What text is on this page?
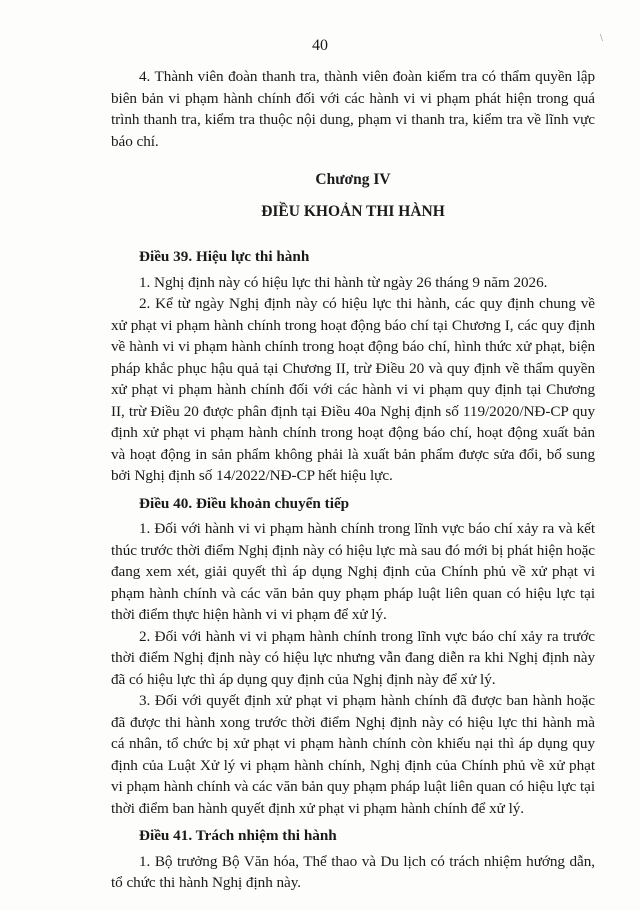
\
40

4. Thành viên đoàn thanh tra, thành viên đoàn kiểm tra có thẩm quyền lập biên bản vi phạm hành chính đối với các hành vi vi phạm phát hiện trong quá trình thanh tra, kiểm tra thuộc nội dung, phạm vi thanh tra, kiểm tra về lĩnh vực báo chí.

Chương IV
ĐIỀU KHOẢN THI HÀNH
Điều 39. Hiệu lực thi hành

1. Nghị định này có hiệu lực thi hành từ ngày 26 tháng 9 năm 2026.

2. Kể từ ngày Nghị định này có hiệu lực thi hành, các quy định chung về xử phạt vi phạm hành chính trong hoạt động báo chí tại Chương I, các quy định về hành vi vi phạm hành chính trong hoạt động báo chí, hình thức xử phạt, biện pháp khắc phục hậu quả tại Chương II, trừ Điều 20 và quy định về thẩm quyền xử phạt vi phạm hành chính đối với các hành vi vi phạm quy định tại Chương II, trừ Điều 20 được phân định tại Điều 40a Nghị định số 119/2020/NĐ-CP quy định xử phạt vi phạm hành chính trong hoạt động báo chí, hoạt động xuất bản và hoạt động in sản phẩm không phải là xuất bản phẩm được sửa đổi, bổ sung bởi Nghị định số 14/2022/NĐ-CP hết hiệu lực.

Điều 40. Điều khoản chuyển tiếp

1. Đối với hành vi vi phạm hành chính trong lĩnh vực báo chí xảy ra và kết thúc trước thời điểm Nghị định này có hiệu lực mà sau đó mới bị phát hiện hoặc đang xem xét, giải quyết thì áp dụng Nghị định của Chính phủ về xử phạt vi phạm hành chính và các văn bản quy phạm pháp luật liên quan có hiệu lực tại thời điểm thực hiện hành vi vi phạm để xử lý.

2. Đối với hành vi vi phạm hành chính trong lĩnh vực báo chí xảy ra trước thời điểm Nghị định này có hiệu lực nhưng vẫn đang diễn ra khi Nghị định này đã có hiệu lực thì áp dụng quy định của Nghị định này để xử lý.

3. Đối với quyết định xử phạt vi phạm hành chính đã được ban hành hoặc đã được thi hành xong trước thời điểm Nghị định này có hiệu lực thi hành mà cá nhân, tổ chức bị xử phạt vi phạm hành chính còn khiếu nại thì áp dụng quy định của Luật Xử lý vi phạm hành chính, Nghị định của Chính phủ về xử phạt vi phạm hành chính và các văn bản quy phạm pháp luật liên quan có hiệu lực tại thời điểm ban hành quyết định xử phạt vi phạm hành chính để xử lý.

Điều 41. Trách nhiệm thi hành

1. Bộ trưởng Bộ Văn hóa, Thể thao và Du lịch có trách nhiệm hướng dẫn, tổ chức thi hành Nghị định này.
